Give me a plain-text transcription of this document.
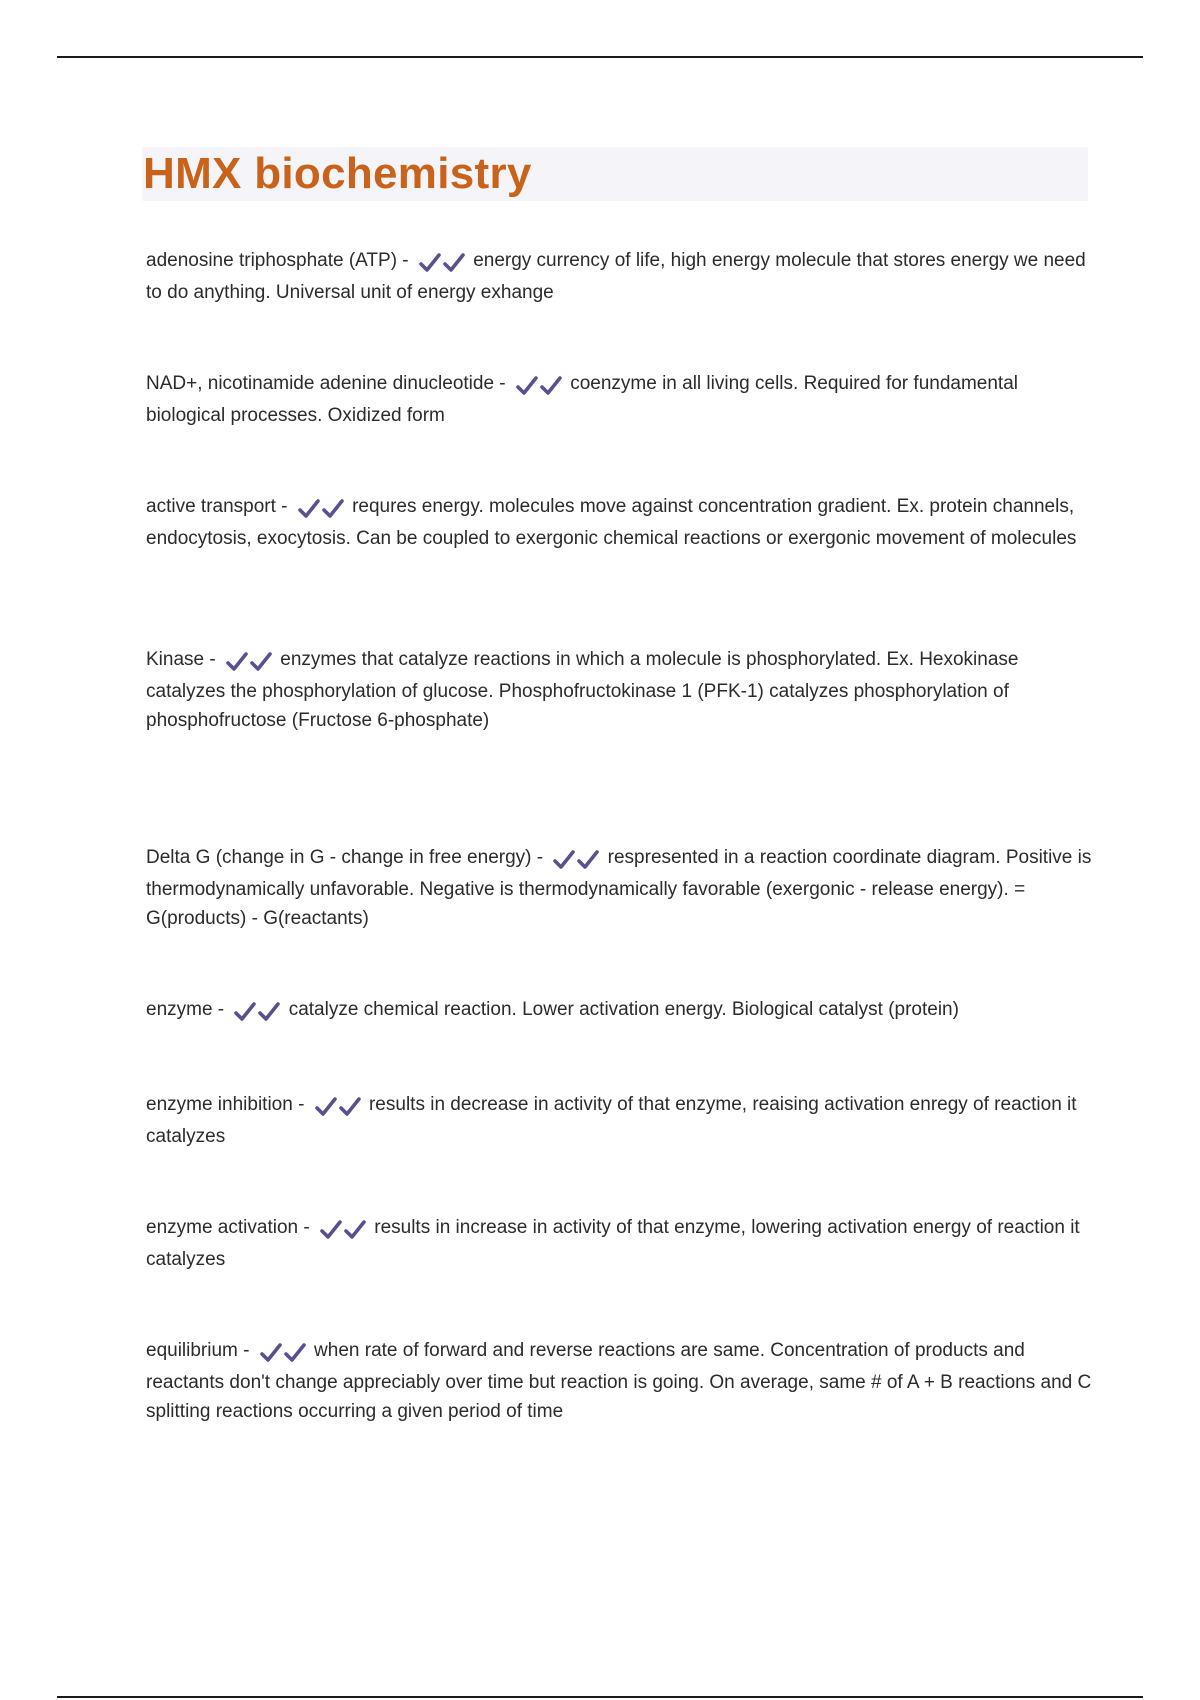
HMX biochemistry
adenosine triphosphate (ATP) -	energy currency of life, high energy molecule that stores energy we need to do anything. Universal unit of energy exhange
NAD+, nicotinamide adenine dinucleotide -	coenzyme in all living cells. Required for fundamental biological processes. Oxidized form
active transport -	requres energy. molecules move against concentration gradient. Ex. protein channels, endocytosis, exocytosis. Can be coupled to exergonic chemical reactions or exergonic movement of molecules
Kinase -	enzymes that catalyze reactions in which a molecule is phosphorylated. Ex. Hexokinase catalyzes the phosphorylation of glucose. Phosphofructokinase 1 (PFK-1) catalyzes phosphorylation of phosphofructose (Fructose 6-phosphate)
Delta G (change in G - change in free energy) -	respresented in a reaction coordinate diagram. Positive is thermodynamically unfavorable. Negative is thermodynamically favorable (exergonic - release energy). = G(products) - G(reactants)
enzyme -	catalyze chemical reaction. Lower activation energy. Biological catalyst (protein)
enzyme inhibition -	results in decrease in activity of that enzyme, reaising activation enregy of reaction it catalyzes
enzyme activation -	results in increase in activity of that enzyme, lowering activation energy of reaction it catalyzes
equilibrium -	when rate of forward and reverse reactions are same. Concentration of products and reactants don't change appreciably over time but reaction is going. On average, same # of A + B reactions and C splitting reactions occurring a given period of time
